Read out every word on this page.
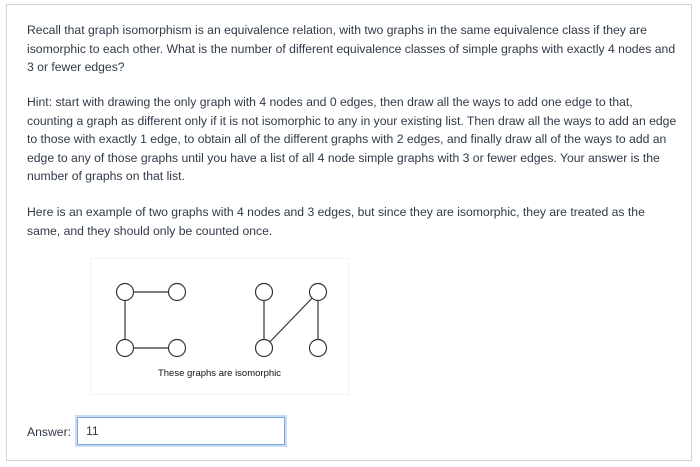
Recall that graph isomorphism is an equivalence relation, with two graphs in the same equivalence class if they are isomorphic to each other. What is the number of different equivalence classes of simple graphs with exactly 4 nodes and 3 or fewer edges?

Hint: start with drawing the only graph with 4 nodes and 0 edges, then draw all the ways to add one edge to that, counting a graph as different only if it is not isomorphic to any in your existing list. Then draw all the ways to add an edge to those with exactly 1 edge, to obtain all of the different graphs with 2 edges, and finally draw all of the ways to add an edge to any of those graphs until you have a list of all 4 node simple graphs with 3 or fewer edges. Your answer is the number of graphs on that list.

Here is an example of two graphs with 4 nodes and 3 edges, but since they are isomorphic, they are treated as the same, and they should only be counted once.

These graphs are isomorphic
Answer:
11
